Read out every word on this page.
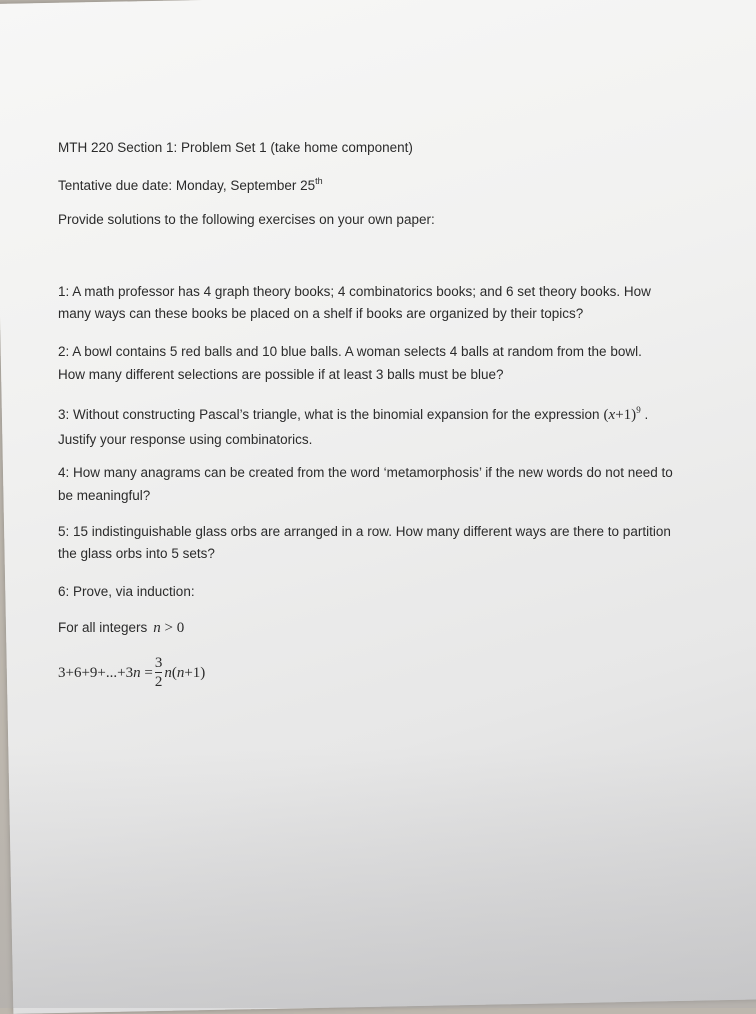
MTH 220 Section 1: Problem Set 1 (take home component)

Tentative due date: Monday, September 25th

Provide solutions to the following exercises on your own paper:

1: A math professor has 4 graph theory books; 4 combinatorics books; and 6 set theory books. How

many ways can these books be placed on a shelf if books are organized by their topics?

2: A bowl contains 5 red balls and 10 blue balls. A woman selects 4 balls at random from the bowl.

How many different selections are possible if at least 3 balls must be blue?

3: Without constructing Pascal’s triangle, what is the binomial expansion for the expression $(x+1)^9$ .

Justify your response using combinatorics.

4: How many anagrams can be created from the word ‘metamorphosis’ if the new words do not need to

be meaningful?

5: 15 indistinguishable glass orbs are arranged in a row. How many different ways are there to partition

the glass orbs into 5 sets?

6: Prove, via induction:

For all integers n > 0

$3+6+9+...+3n = \frac{3}{2} n(n+1)$
